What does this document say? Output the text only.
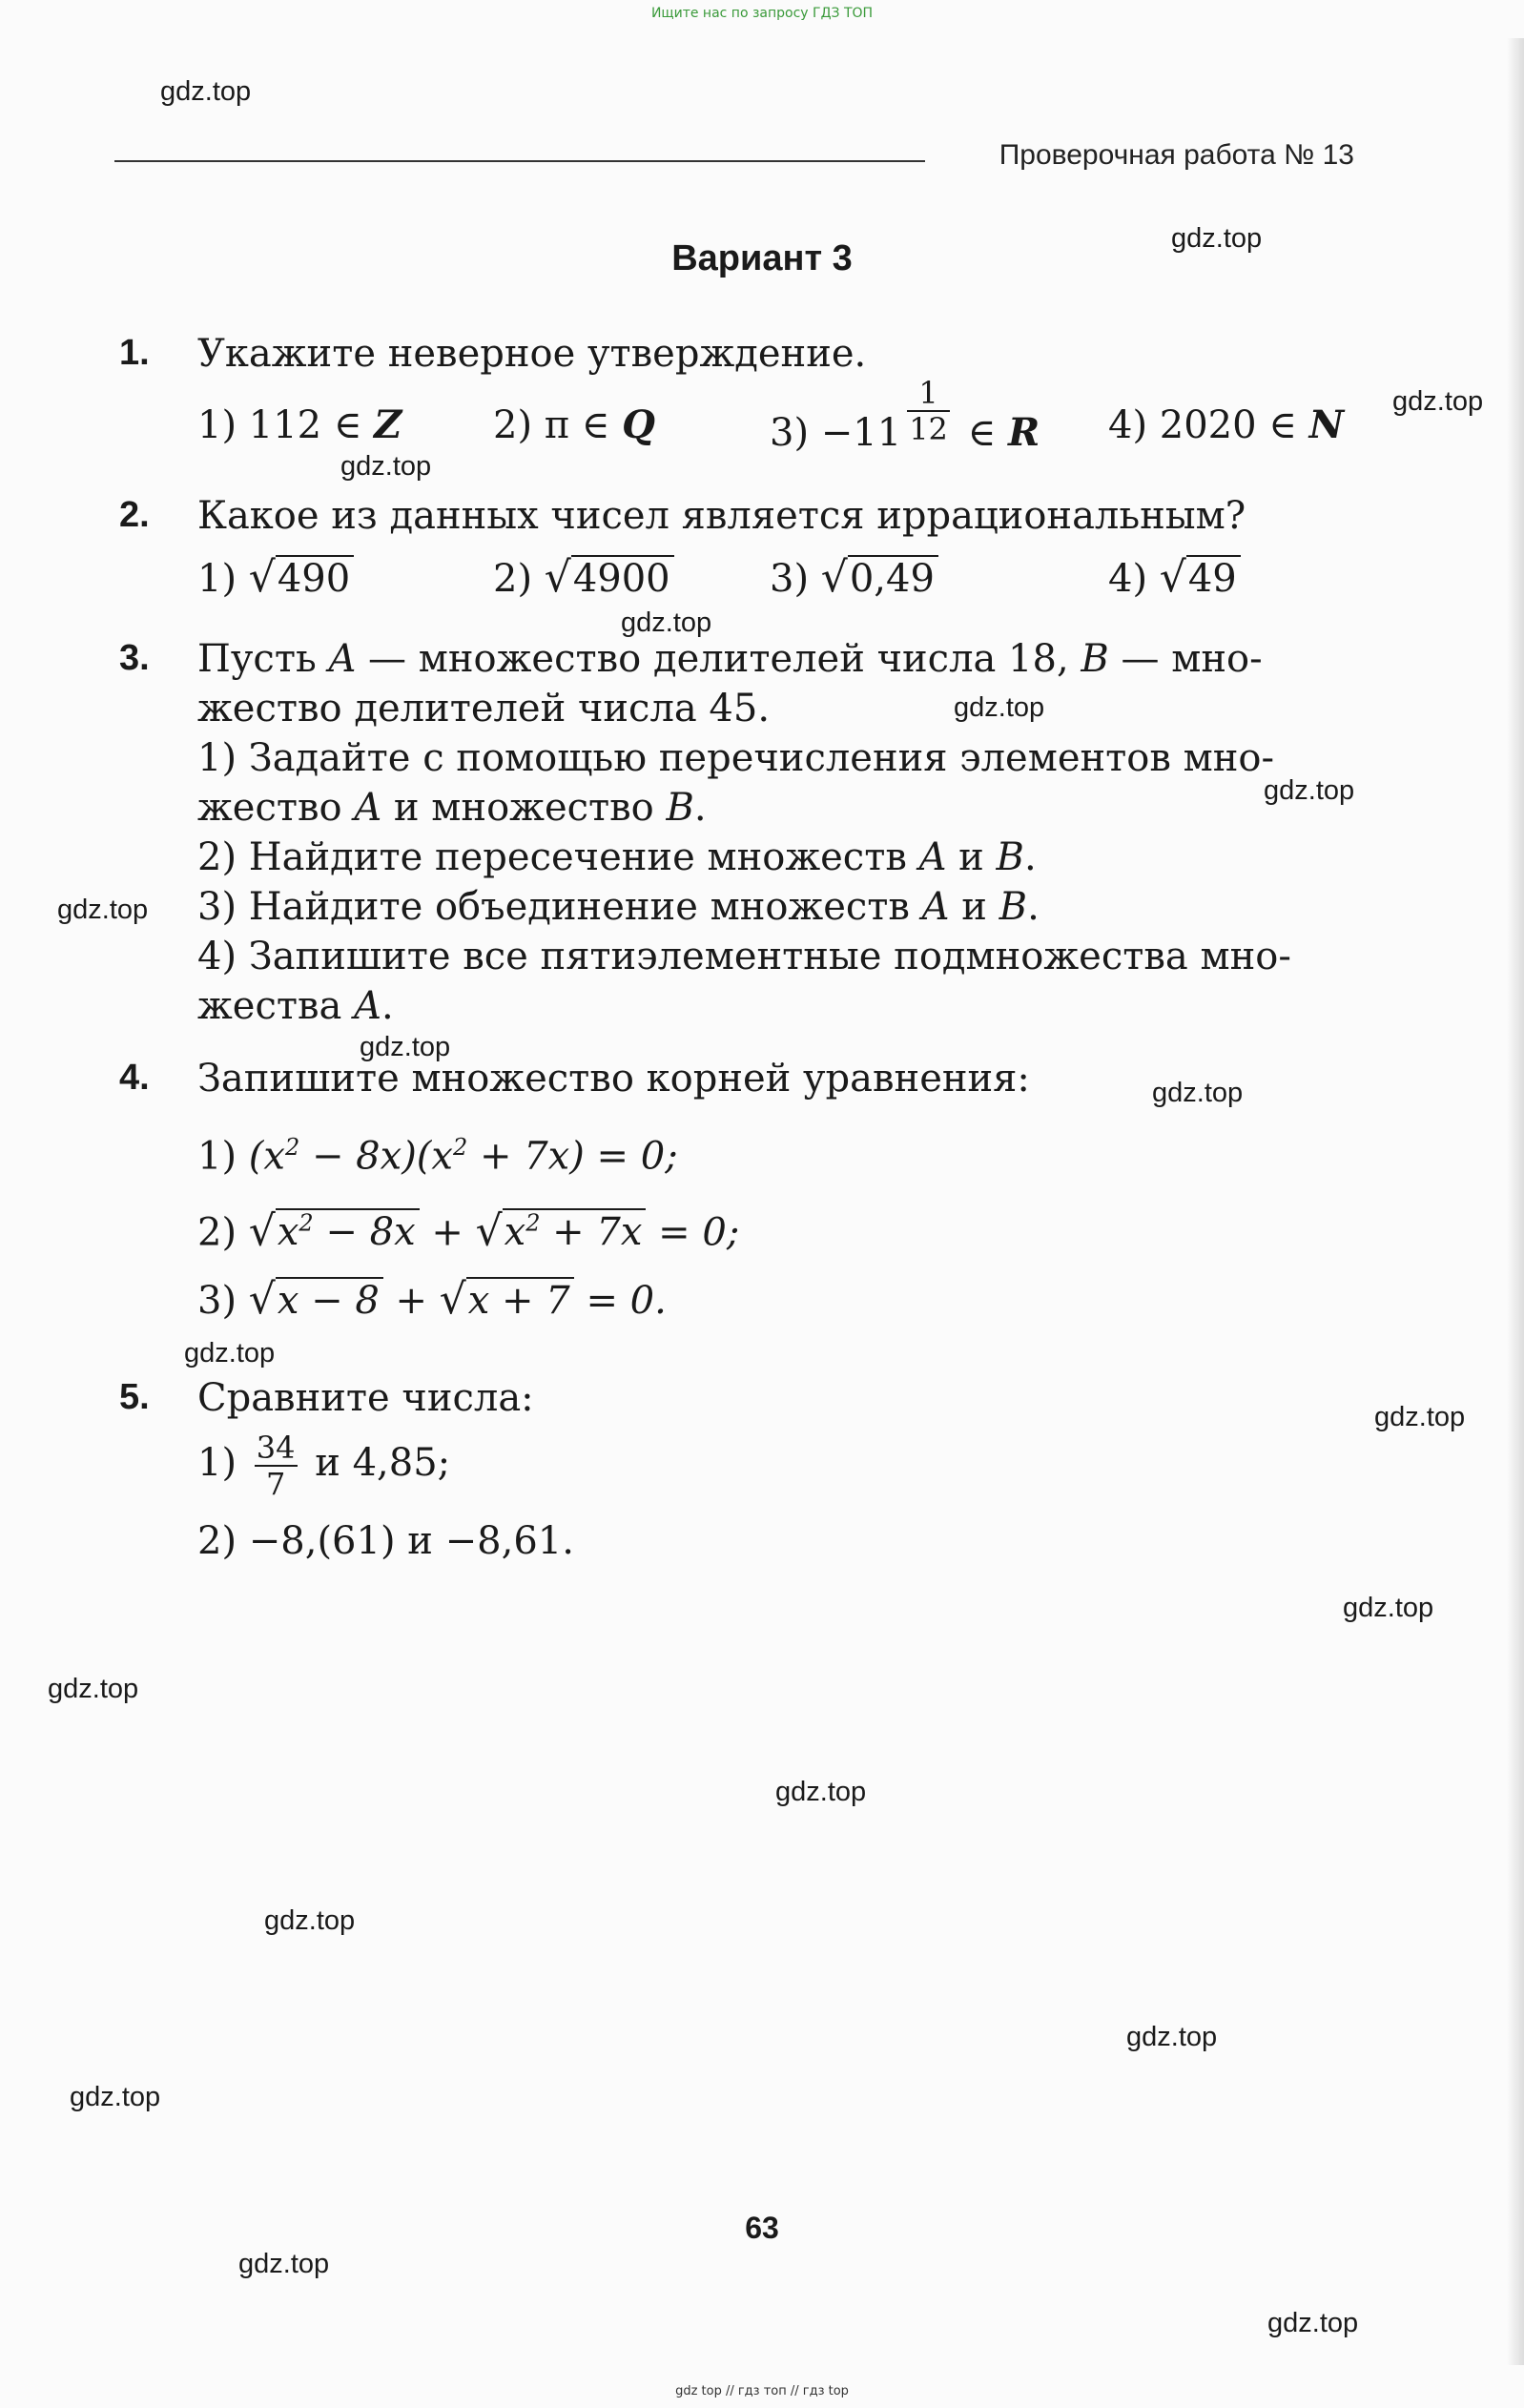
Ищите нас по запросу ГДЗ ТОП
Проверочная работа № 13
Вариант 3
1. Укажите неверное утверждение.
1) 112 ∈ Z 2) π ∈ Q	$3) -11 \frac{1}{12}$ ∈ R 4) 2020 ∈ N
2. Какое из данных чисел является иррациональным?
1) √490	2) √4900	3) √0,49	4) √49
3. Пусть A — множество делителей числа 18, B — мно-
жество делителей числа 45.
1) Задайте с помощью перечисления элементов мно-
жество A и множество B.
2) Найдите пересечение множеств A и B.
3) Найдите объединение множеств A и B.
4) Запишите все пятиэлементные подмножества мно-
жества A.
4. Запишите множество корней уравнения:
1) $(x^2 - 8x)(x^2 + 7x) = 0$;
2) $√x^2 - 8x + √x^2 + 7x = 0$;
3) √x − 8 + √x + 7 = 0.
5. Сравните числа:
$1) \frac{34}{7}$ и 4,85;
2) −8,(61) и −8,61.
63
gdz top // гдз топ // гдз top
gdz.top
gdz.top
gdz.top
gdz.top
gdz.top
gdz.top
gdz.top
gdz.top
gdz.top
gdz.top
gdz.top
gdz.top
gdz.top
gdz.top
gdz.top
gdz.top
gdz.top
gdz.top
gdz.top
gdz.top
